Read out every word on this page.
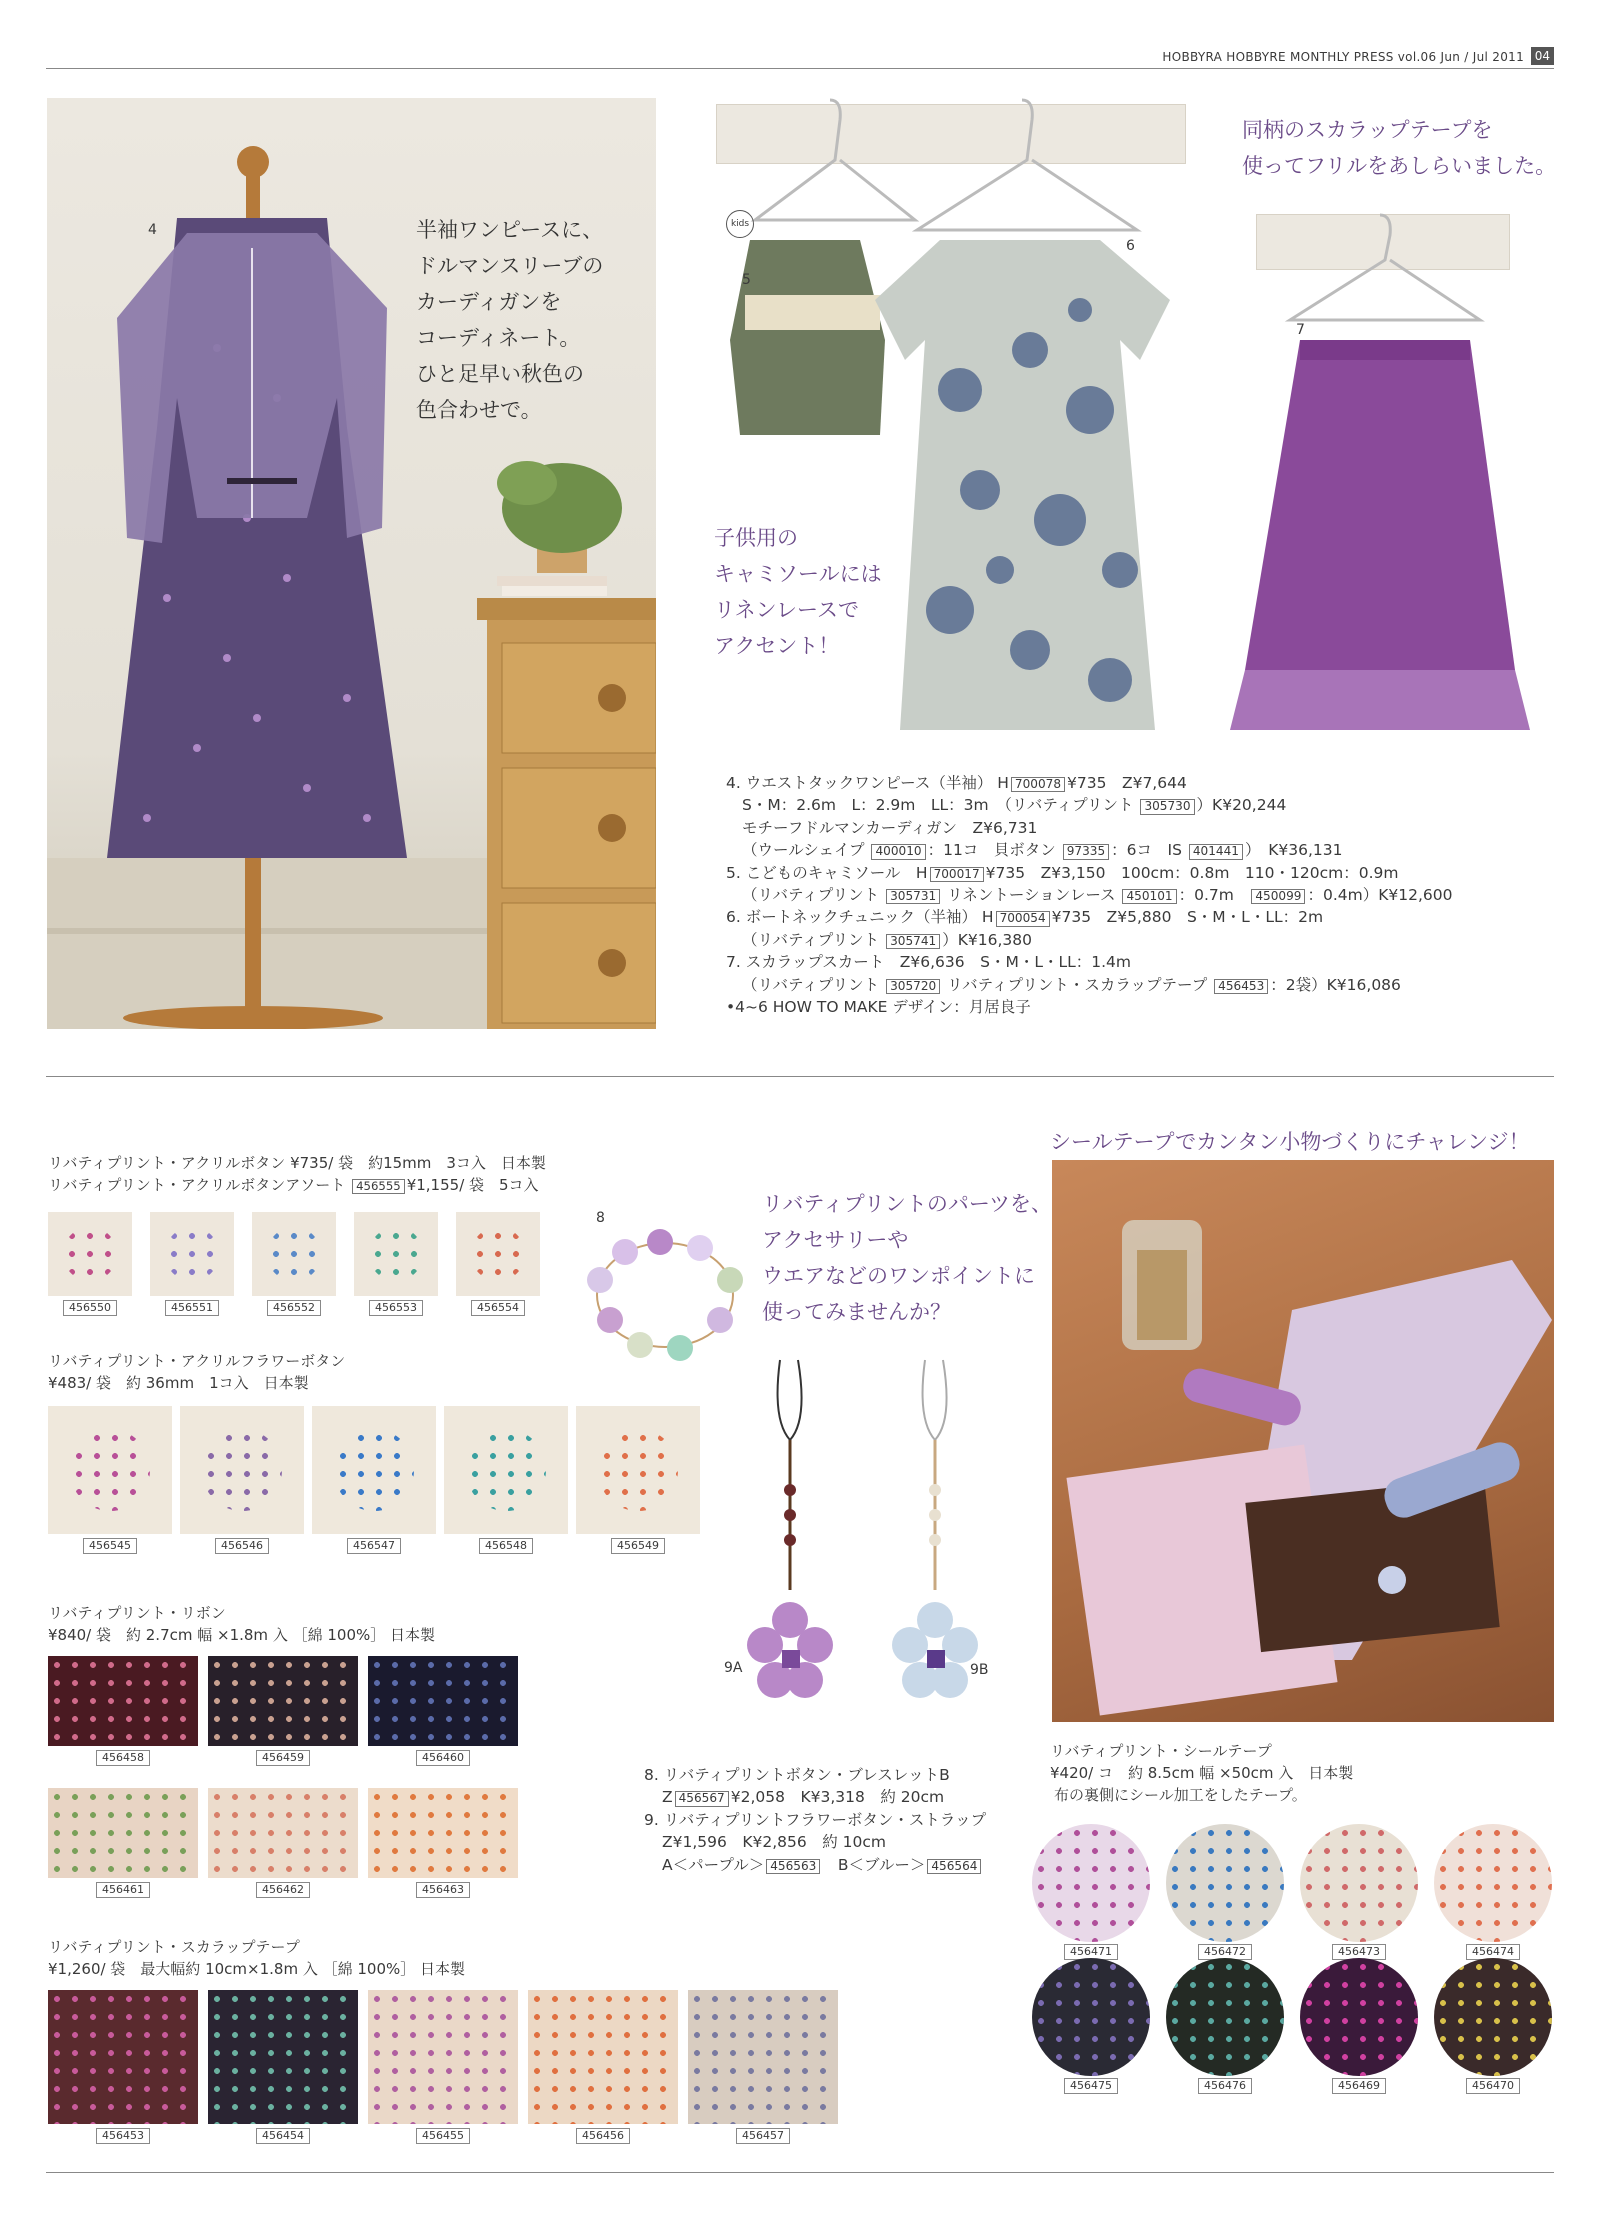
HOBBYRA HOBBYRE MONTHLY PRESS vol.06 Jun / Jul 2011 04
4	半袖ワンピースに、
ドルマンスリーブの
カーディガンを
コーディネート。
ひと足早い秋色の
色合わせで。
kids
5
6
7
同柄のスカラップテープを
使ってフリルをあしらいました。
子供用の
キャミソールには
リネンレースで
アクセント！
4. ウエストタックワンピース（半袖） H 700078 ¥735　Z¥7,644
S・M：2.6m　L：2.9m　LL：3m　（リバティプリント 305730 ）K¥20,244
モチーフドルマンカーディガン　Z¥6,731
（ウールシェイプ 400010 ：11コ　貝ボタン 97335 ：6コ　IS 401441 ）　K¥36,131
5. こどものキャミソール　H 700017 ¥735　Z¥3,150　100cm：0.8m　110・120cm：0.9m
（リバティプリント 305731 リネントーションレース 450101 ：0.7m　450099 ：0.4m）K¥12,600
6. ボートネックチュニック（半袖） H 700054 ¥735　Z¥5,880　S・M・L・LL：2m
（リバティプリント 305741 ）K¥16,380
7. スカラップスカート　Z¥6,636　S・M・L・LL：1.4m
（リバティプリント 305720 リバティプリント・スカラップテープ 456453 ：2袋）K¥16,086
•4~6 HOW TO MAKE デザイン：月居良子
リバティプリント・アクリルボタン ¥735/ 袋　約15mm　3コ入　日本製
リバティプリント・アクリルボタンアソート 456555 ¥1,155/ 袋　5コ入
リバティプリント・アクリルフラワーボタン
¥483/ 袋　約 36mm　1コ入　日本製
リバティプリント・リボン
¥840/ 袋　約 2.7cm 幅 ×1.8m 入 ［綿 100%］ 日本製
リバティプリント・スカラップテープ
¥1,260/ 袋　最大幅約 10cm×1.8m 入 ［綿 100%］ 日本製
8
リバティプリントのパーツを、
アクセサリーや
ウエアなどのワンポイントに
使ってみませんか？
9A	9B
8. リバティプリントボタン・ブレスレットB
Z 456567 ¥2,058　K¥3,318　約 20cm
9. リバティプリントフラワーボタン・ストラップ
Z¥1,596　K¥2,856　約 10cm
A＜パープル＞ 456563　B＜ブルー＞ 456564
シールテープでカンタン小物づくりにチャレンジ！
リバティプリント・シールテープ
¥420/ コ　約 8.5cm 幅 ×50cm 入　日本製
布の裏側にシール加工をしたテープ。
456550	456551	456552	456553	456554
456545	456546	456547	456548	456549
456458	456459	456460
456461	456462	456463
456453	456454	456455	456456	456457
456471	456472	456473	456474
456475	456476	456469	456470
